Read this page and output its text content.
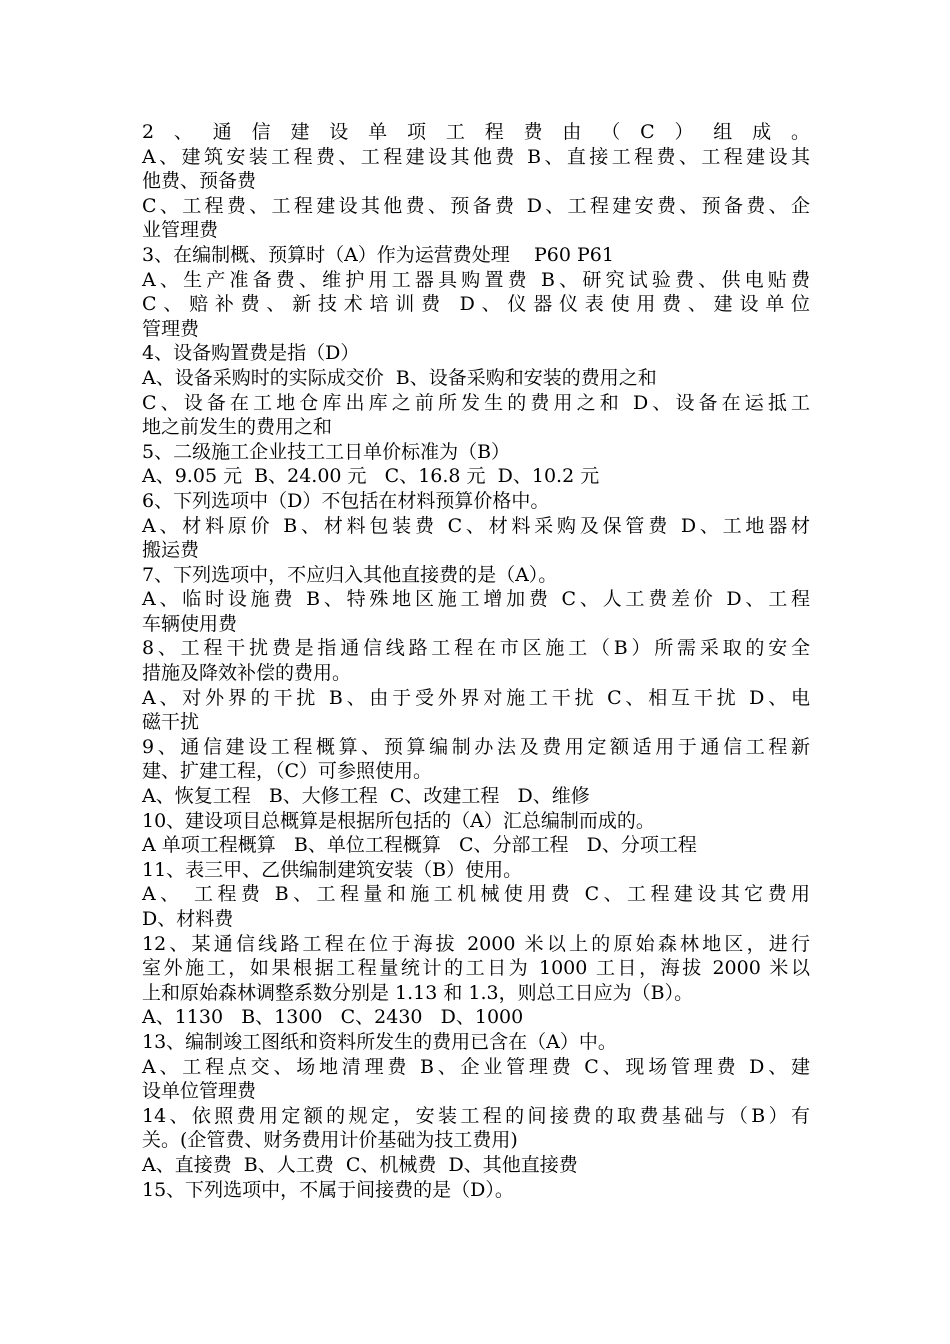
2、通信建设单项工程费由（C）组成。
A、建筑安装工程费、工程建设其他费 B、直接工程费、工程建设其
他费、预备费
C、工程费、工程建设其他费、预备费 D、工程建安费、预备费、企
业管理费
3、在编制概、预算时（A）作为运营费处理    P60 P61
A、生产准备费、维护用工器具购置费 B、研究试验费、供电贴费
C、赔补费、新技术培训费 D、仪器仪表使用费、建设单位
管理费
4、设备购置费是指（D）
A、设备采购时的实际成交价  B、设备采购和安装的费用之和
C、设备在工地仓库出库之前所发生的费用之和 D、设备在运抵工
地之前发生的费用之和
5、二级施工企业技工工日单价标准为（B）
A、9.05 元  B、24.00 元   C、16.8 元  D、10.2 元
6、下列选项中（D）不包括在材料预算价格中。
A、材料原价 B、材料包装费 C、材料采购及保管费 D、工地器材
搬运费
7、下列选项中，不应归入其他直接费的是（A）。
A、临时设施费 B、特殊地区施工增加费 C、人工费差价 D、工程
车辆使用费
8、工程干扰费是指通信线路工程在市区施工（B）所需采取的安全
措施及降效补偿的费用。
A、对外界的干扰 B、由于受外界对施工干扰 C、相互干扰 D、电
磁干扰
9、通信建设工程概算、预算编制办法及费用定额适用于通信工程新
建、扩建工程，（C）可参照使用。
A、恢复工程   B、大修工程  C、改建工程   D、维修
10、建设项目总概算是根据所包括的（A）汇总编制而成的。
A 单项工程概算   B、单位工程概算   C、分部工程   D、分项工程
11、表三甲、乙供编制建筑安装（B）使用。
A、 工程费 B、工程量和施工机械使用费 C、工程建设其它费用
D、材料费
12、某通信线路工程在位于海拔 2000 米以上的原始森林地区，进行
室外施工，如果根据工程量统计的工日为 1000 工日，海拔 2000 米以
上和原始森林调整系数分别是 1.13 和 1.3，则总工日应为（B）。
A、1130   B、1300   C、2430   D、1000
13、编制竣工图纸和资料所发生的费用已含在（A）中。
A、工程点交、场地清理费 B、企业管理费 C、现场管理费 D、建
设单位管理费
14、依照费用定额的规定，安装工程的间接费的取费基础与（B）有
关。(企管费、财务费用计价基础为技工费用)
A、直接费  B、人工费  C、机械费  D、其他直接费
15、下列选项中，不属于间接费的是（D）。
